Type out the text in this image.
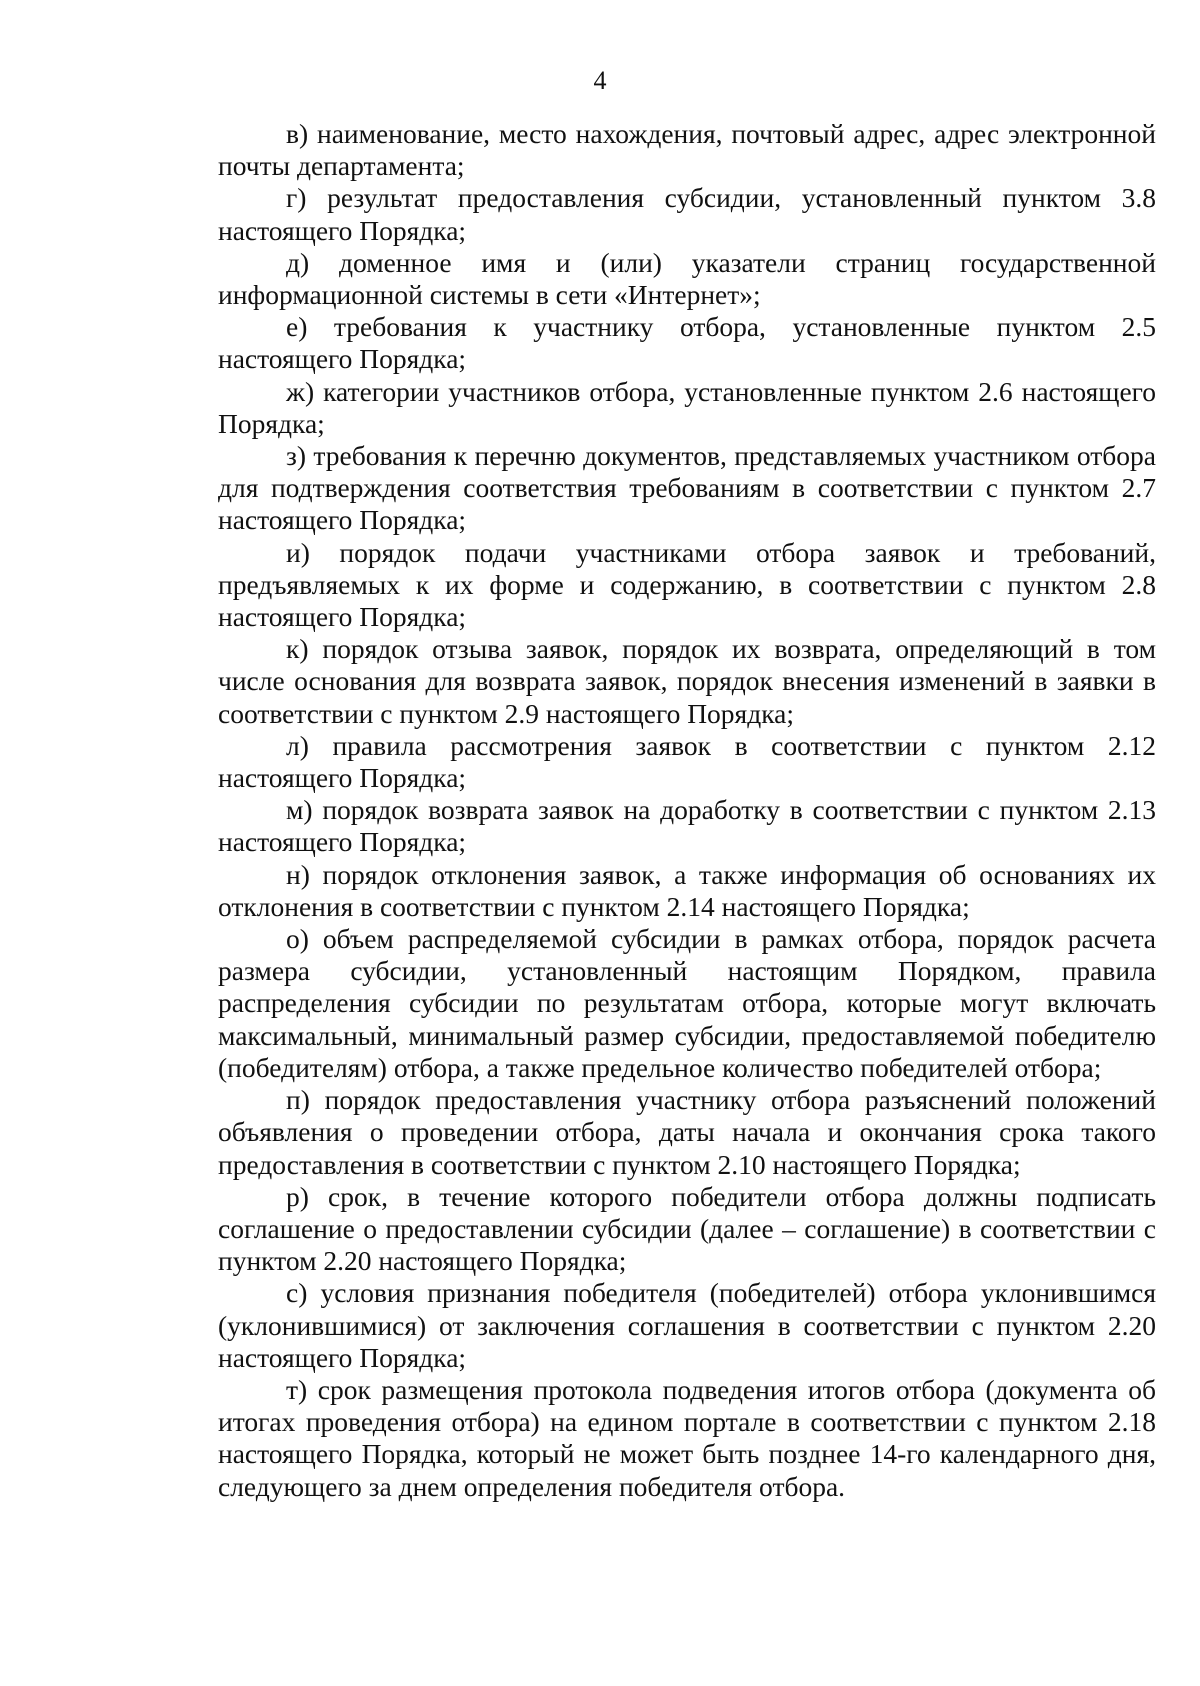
4

в) наименование, место нахождения, почтовый адрес, адрес электронной почты департамента;

г) результат предоставления субсидии, установленный пунктом 3.8 настоящего Порядка;

д) доменное имя и (или) указатели страниц государственной информационной системы в сети «Интернет»;

е) требования к участнику отбора, установленные пунктом 2.5 настоящего Порядка;

ж) категории участников отбора, установленные пунктом 2.6 настоящего Порядка;

з) требования к перечню документов, представляемых участником отбора для подтверждения соответствия требованиям в соответствии с пунктом 2.7 настоящего Порядка;

и) порядок подачи участниками отбора заявок и требований, предъявляемых к их форме и содержанию, в соответствии с пунктом 2.8 настоящего Порядка;

к) порядок отзыва заявок, порядок их возврата, определяющий в том числе основания для возврата заявок, порядок внесения изменений в заявки в соответствии с пунктом 2.9 настоящего Порядка;

л) правила рассмотрения заявок в соответствии с пунктом 2.12 настоящего Порядка;

м) порядок возврата заявок на доработку в соответствии с пунктом 2.13 настоящего Порядка;

н) порядок отклонения заявок, а также информация об основаниях их отклонения в соответствии с пунктом 2.14 настоящего Порядка;

о) объем распределяемой субсидии в рамках отбора, порядок расчета размера субсидии, установленный настоящим Порядком, правила распределения субсидии по результатам отбора, которые могут включать максимальный, минимальный размер субсидии, предоставляемой победителю (победителям) отбора, а также предельное количество победителей отбора;

п) порядок предоставления участнику отбора разъяснений положений объявления о проведении отбора, даты начала и окончания срока такого предоставления в соответствии с пунктом 2.10 настоящего Порядка;

р) срок, в течение которого победители отбора должны подписать соглашение о предоставлении субсидии (далее – соглашение) в соответствии с пунктом 2.20 настоящего Порядка;

с) условия признания победителя (победителей) отбора уклонившимся (уклонившимися) от заключения соглашения в соответствии с пунктом 2.20 настоящего Порядка;

т) срок размещения протокола подведения итогов отбора (документа об итогах проведения отбора) на едином портале в соответствии с пунктом 2.18 настоящего Порядка, который не может быть позднее 14-го календарного дня, следующего за днем определения победителя отбора.
